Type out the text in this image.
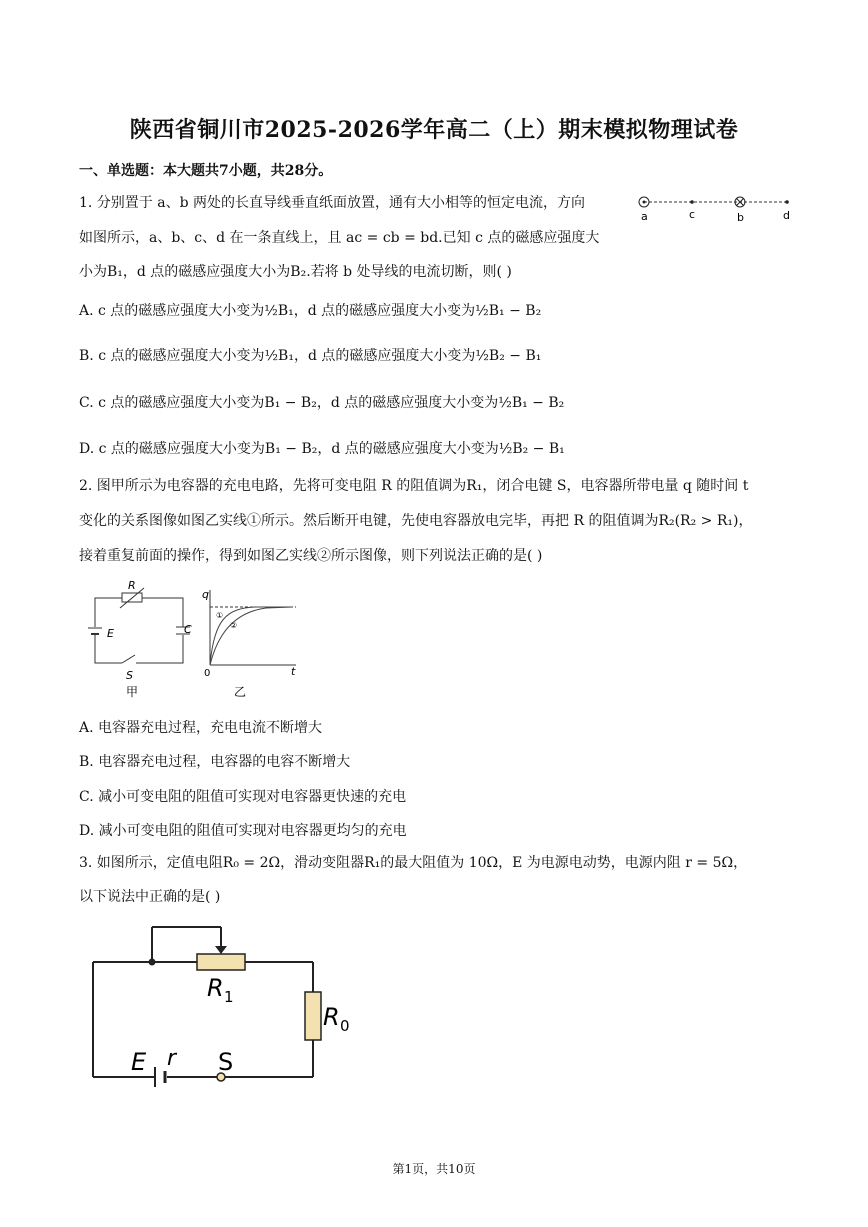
陕西省铜川市2025-2026学年高二（上）期末模拟物理试卷
一、单选题：本大题共7小题，共28分。
1. 分别置于 a、b 两处的长直导线垂直纸面放置，通有大小相等的恒定电流，方向
如图所示，a、b、c、d 在一条直线上，且 ac = cb = bd.已知 c 点的磁感应强度大
小为B₁，d 点的磁感应强度大小为B₂.若将 b 处导线的电流切断，则( )
a	c	b	d
A. c 点的磁感应强度大小变为½B₁，d 点的磁感应强度大小变为½B₁ − B₂
B. c 点的磁感应强度大小变为½B₁，d 点的磁感应强度大小变为½B₂ − B₁
C. c 点的磁感应强度大小变为B₁ − B₂，d 点的磁感应强度大小变为½B₁ − B₂
D. c 点的磁感应强度大小变为B₁ − B₂，d 点的磁感应强度大小变为½B₂ − B₁
2. 图甲所示为电容器的充电电路，先将可变电阻 R 的阻值调为R₁，闭合电键 S，电容器所带电量 q 随时间 t
变化的关系图像如图乙实线①所示。然后断开电键，先使电容器放电完毕，再把 R 的阻值调为R₂(R₂ > R₁)，
接着重复前面的操作，得到如图乙实线②所示图像，则下列说法正确的是( )
R
E	C
S
甲
q
t
0
①
②
乙
A. 电容器充电过程，充电电流不断增大
B. 电容器充电过程，电容器的电容不断增大
C. 减小可变电阻的阻值可实现对电容器更快速的充电
D. 减小可变电阻的阻值可实现对电容器更均匀的充电
3. 如图所示，定值电阻R₀ = 2Ω，滑动变阻器R₁的最大阻值为 10Ω，E 为电源电动势，电源内阻 r = 5Ω，
以下说法中正确的是( )
R 1
R 0
E r S
第1页，共10页
